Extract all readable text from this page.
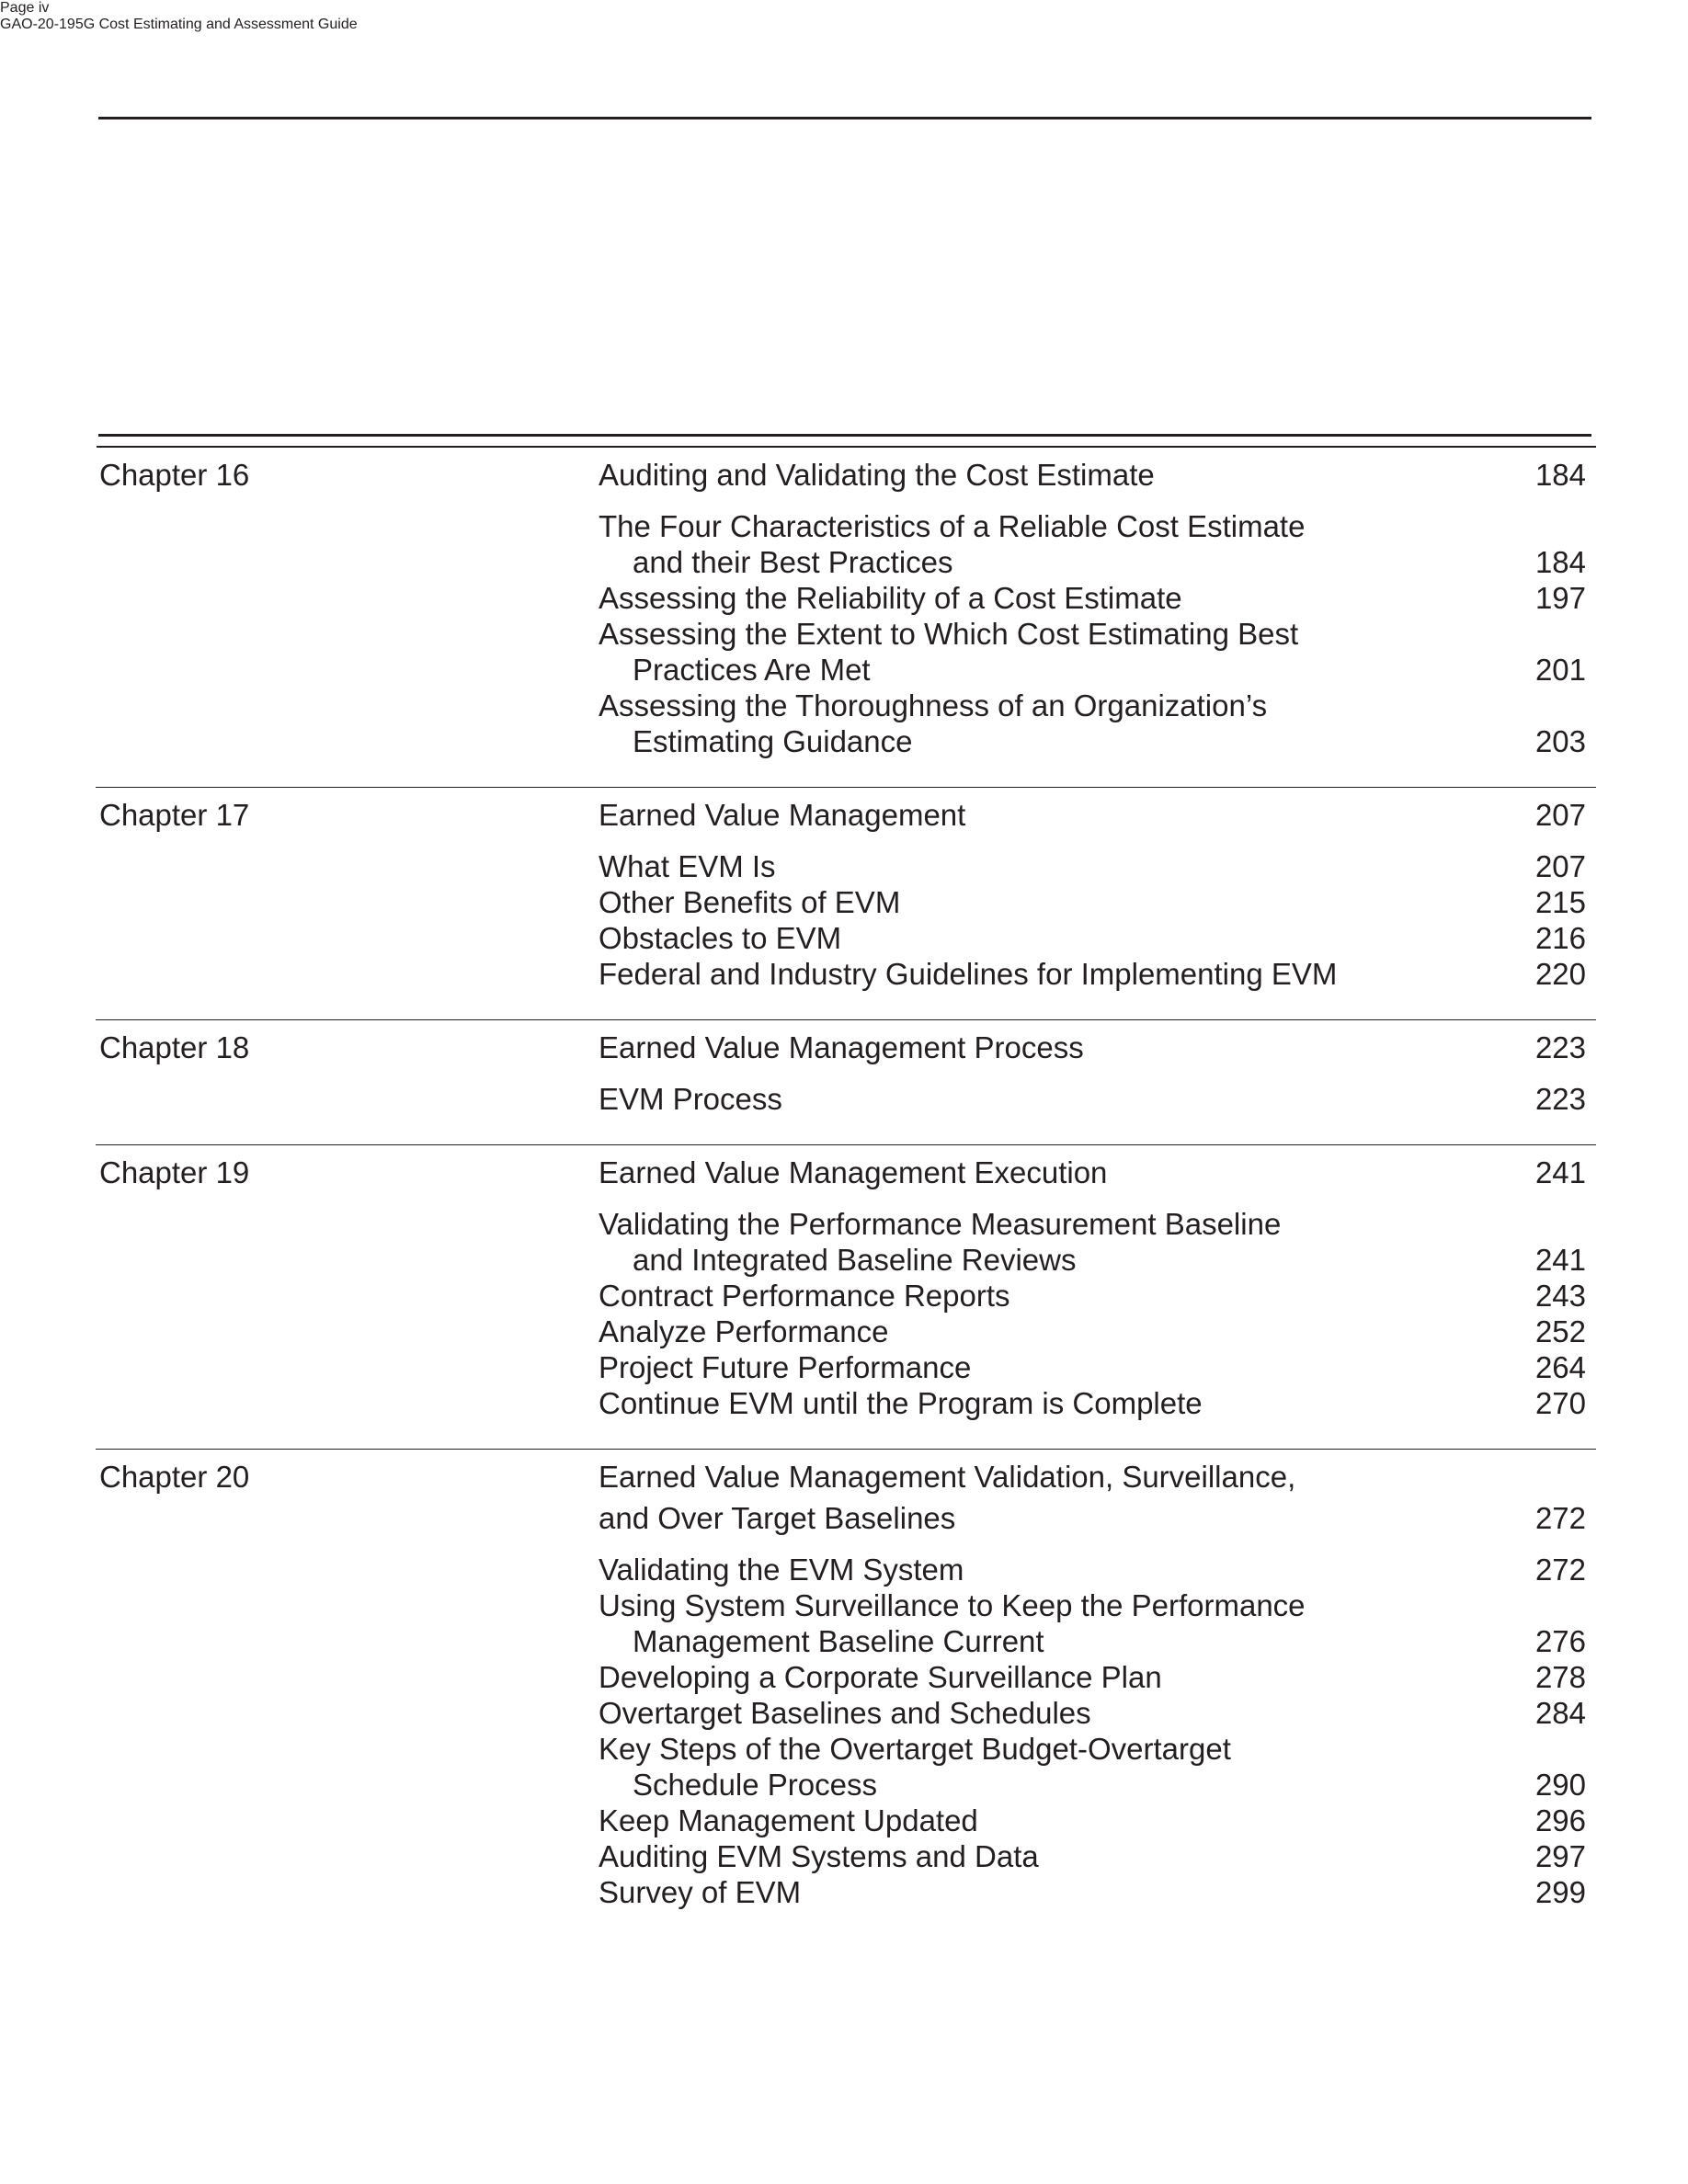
Chapter 16	Auditing and Validating the Cost Estimate	184
The Four Characteristics of a Reliable Cost Estimate
and their Best Practices	184
Assessing the Reliability of a Cost Estimate	197
Assessing the Extent to Which Cost Estimating Best
Practices Are Met	201
Assessing the Thoroughness of an Organization’s
Estimating Guidance	203
Chapter 17	Earned Value Management	207
What EVM Is	207
Other Benefits of EVM	215
Obstacles to EVM	216
Federal and Industry Guidelines for Implementing EVM	220
Chapter 18	Earned Value Management Process	223
EVM Process	223
Chapter 19	Earned Value Management Execution	241
Validating the Performance Measurement Baseline
and Integrated Baseline Reviews	241
Contract Performance Reports	243
Analyze Performance	252
Project Future Performance	264
Continue EVM until the Program is Complete	270
Chapter 20	Earned Value Management Validation, Surveillance,
and Over Target Baselines	272
Validating the EVM System	272
Using System Surveillance to Keep the Performance
Management Baseline Current	276
Developing a Corporate Surveillance Plan	278
Overtarget Baselines and Schedules	284
Key Steps of the Overtarget Budget-Overtarget
Schedule Process	290
Keep Management Updated	296
Auditing EVM Systems and Data	297
Survey of EVM	299
Page iv
GAO-20-195G Cost Estimating and Assessment Guide
